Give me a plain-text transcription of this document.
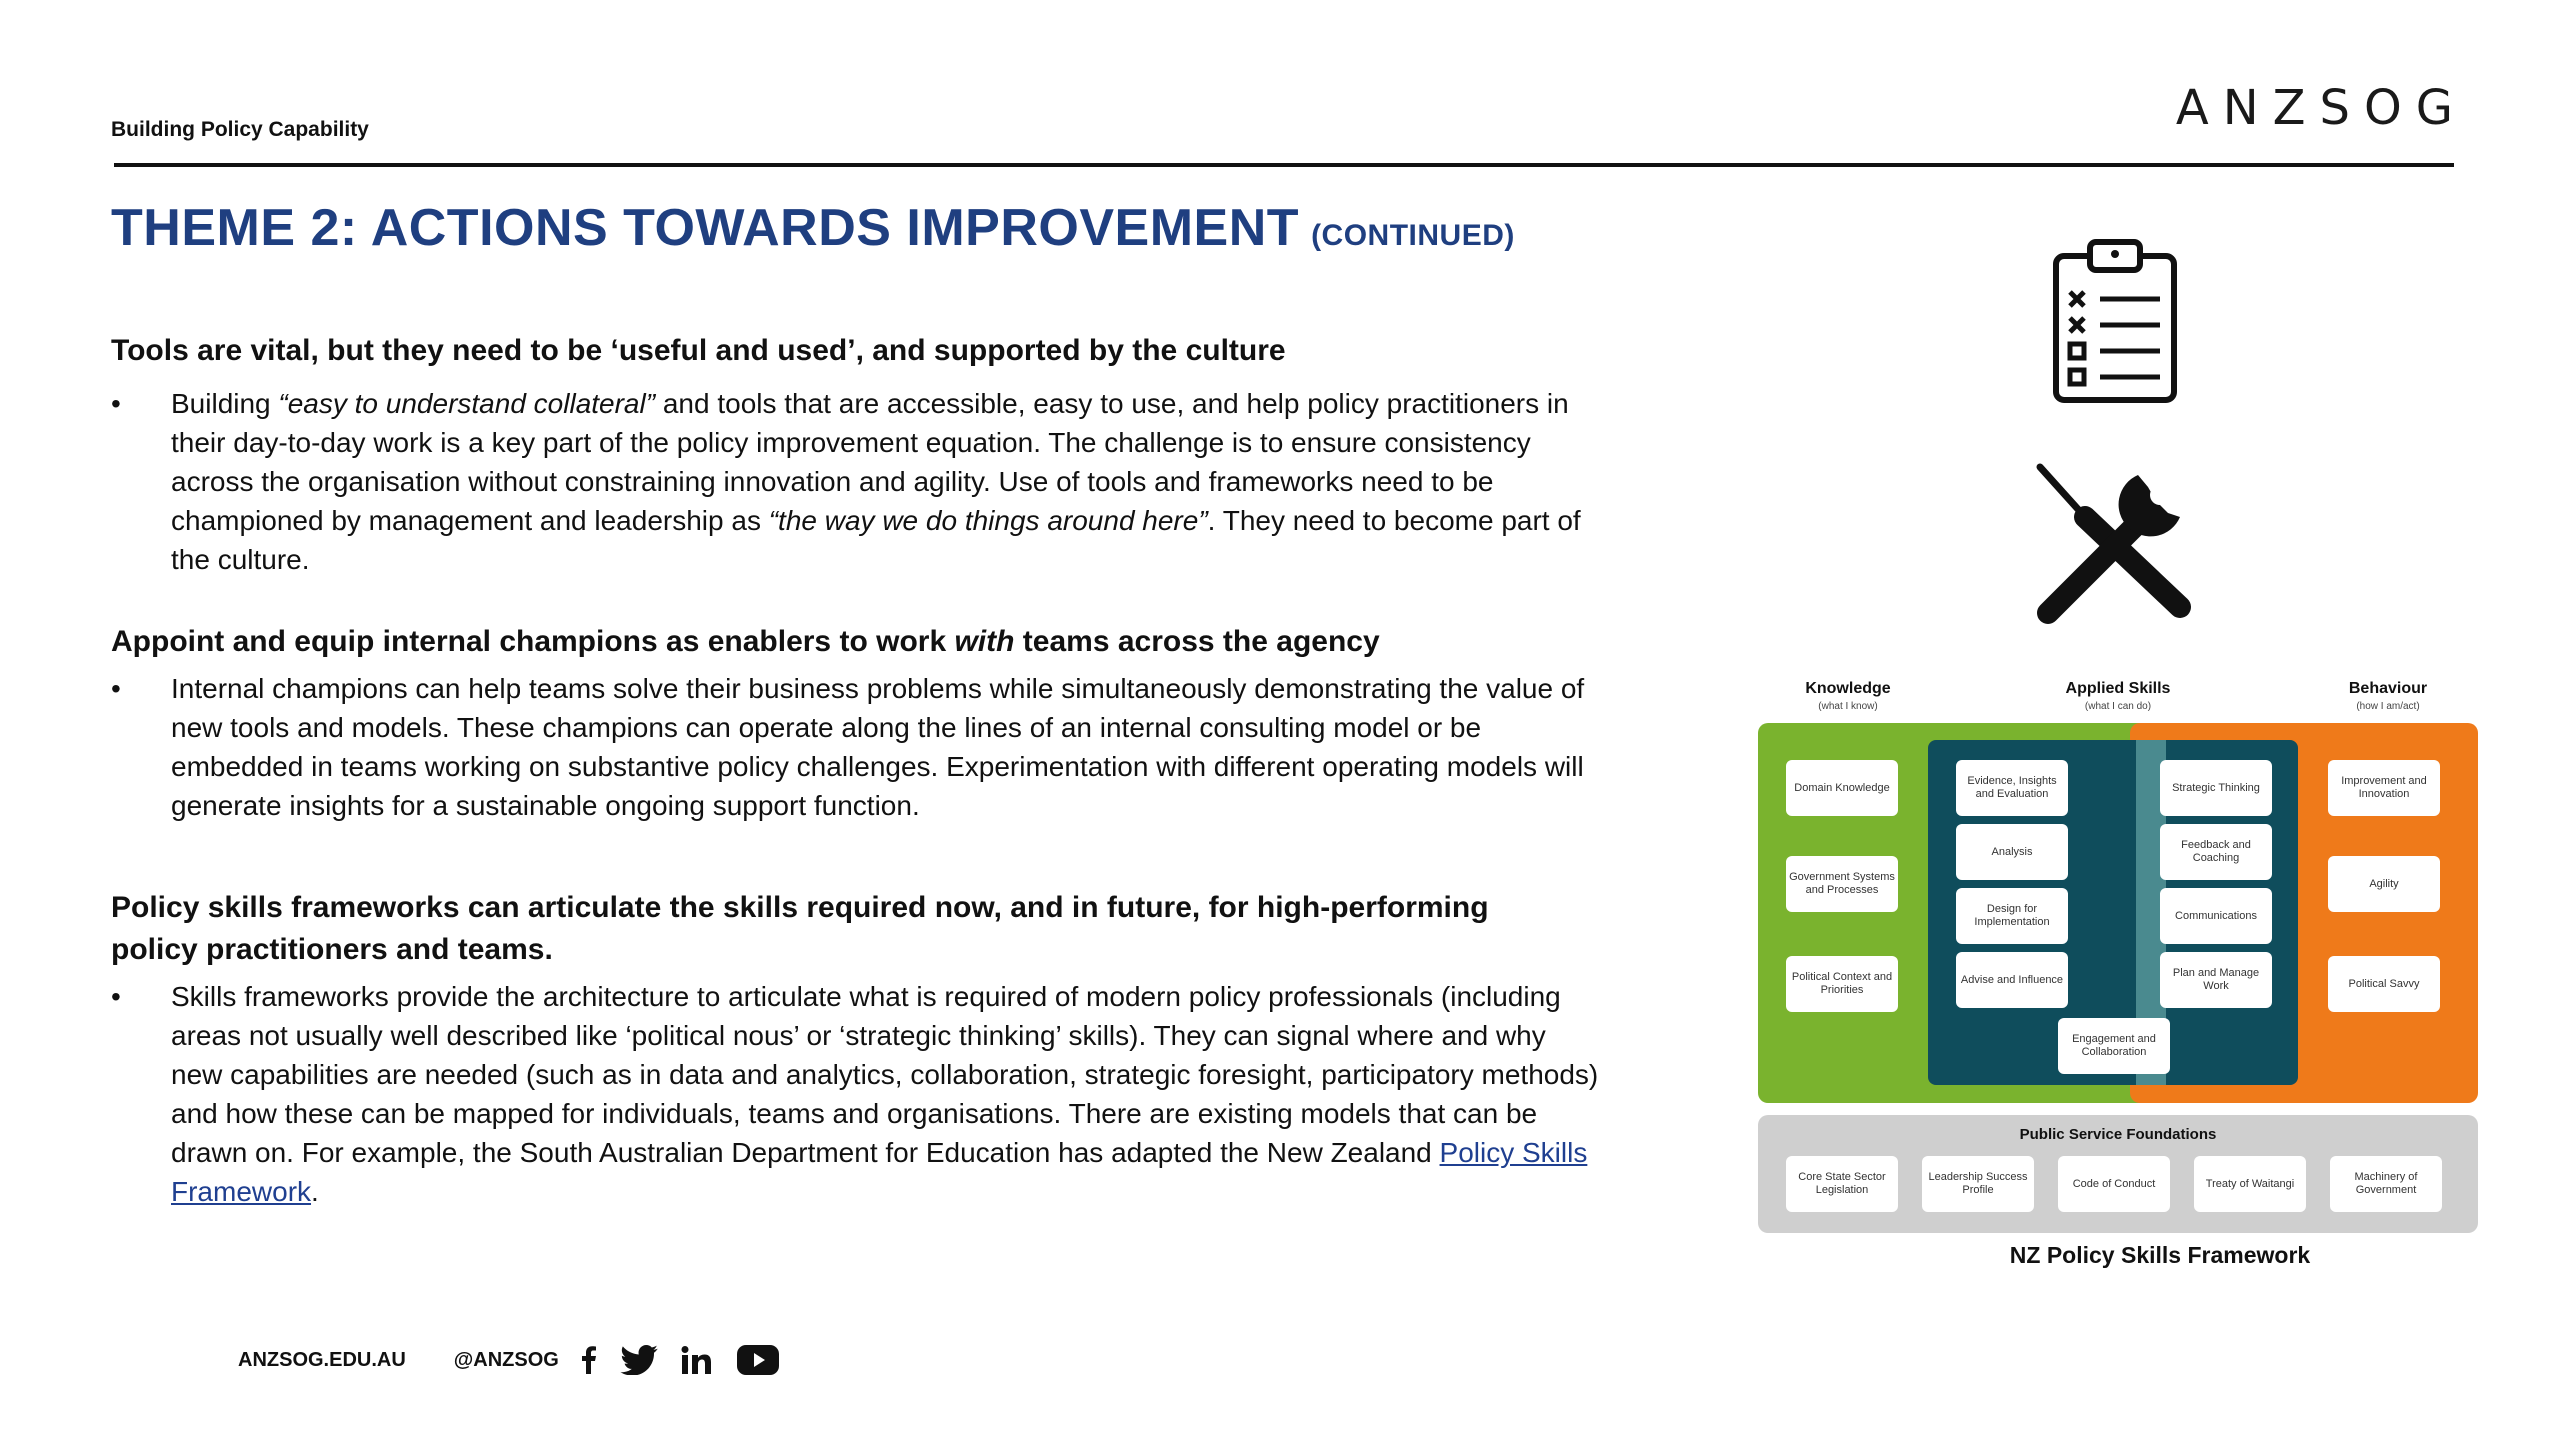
Building Policy Capability	ANZSOG
THEME 2: ACTIONS TOWARDS IMPROVEMENT (CONTINUED)

Tools are vital, but they need to be ‘useful and used’, and supported by the culture

•	Building “easy to understand collateral” and tools that are accessible, easy to use, and help policy practitioners in their day-to-day work is a key part of the policy improvement equation. The challenge is to ensure consistency across the organisation without constraining innovation and agility. Use of tools and frameworks need to be championed by management and leadership as “the way we do things around here”. They need to become part of the culture.

Appoint and equip internal champions as enablers to work with teams across the agency

•	Internal champions can help teams solve their business problems while simultaneously demonstrating the value of new tools and models. These champions can operate along the lines of an internal consulting model or be embedded in teams working on substantive policy challenges. Experimentation with different operating models will generate insights for a sustainable ongoing support function.

Policy skills frameworks can articulate the skills required now, and in future, for high-performing policy practitioners and teams.

•	Skills frameworks provide the architecture to articulate what is required of modern policy professionals (including areas not usually well described like ‘political nous’ or ‘strategic thinking’ skills). They can signal where and why new capabilities are needed (such as in data and analytics, collaboration, strategic foresight, participatory methods) and how these can be mapped for individuals, teams and organisations. There are existing models that can be drawn on. For example, the South Australian Department for Education has adapted the New Zealand Policy Skills Framework.
Knowledge
(what I know)
Applied Skills
(what I can do)
Behaviour
(how I am/act)
Domain Knowledge
Government Systems and Processes
Political Context and Priorities
Evidence, Insights and Evaluation
Analysis
Design for Implementation
Advise and Influence
Strategic Thinking
Feedback and Coaching
Communications
Plan and Manage Work
Engagement and Collaboration
Improvement and Innovation
Agility
Political Savvy
Public Service Foundations
Core State Sector Legislation
Leadership Success Profile
Code of Conduct	Treaty of Waitangi
Machinery of Government
NZ Policy Skills Framework
ANZSOG.EDU.AU @ANZSOG
